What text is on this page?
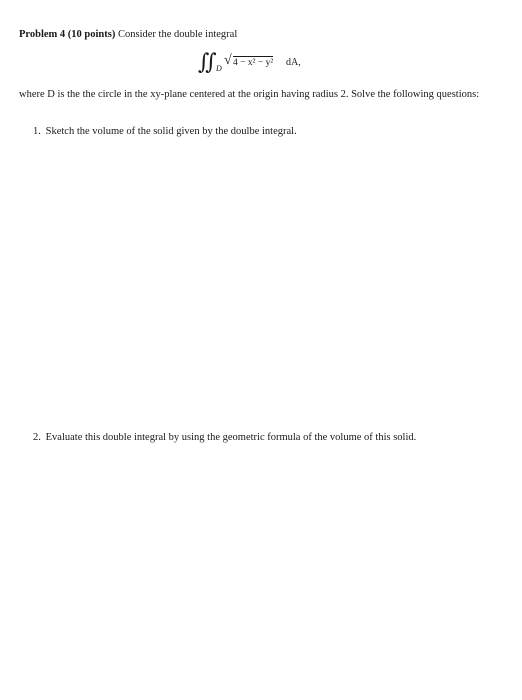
Problem 4 (10 points) Consider the double integral
∬ D
√ 4 − x² − y² dA,
where D is the the circle in the xy-plane centered at the origin having radius 2. Solve the following questions:
1. Sketch the volume of the solid given by the doulbe integral.
2. Evaluate this double integral by using the geometric formula of the volume of this solid.
